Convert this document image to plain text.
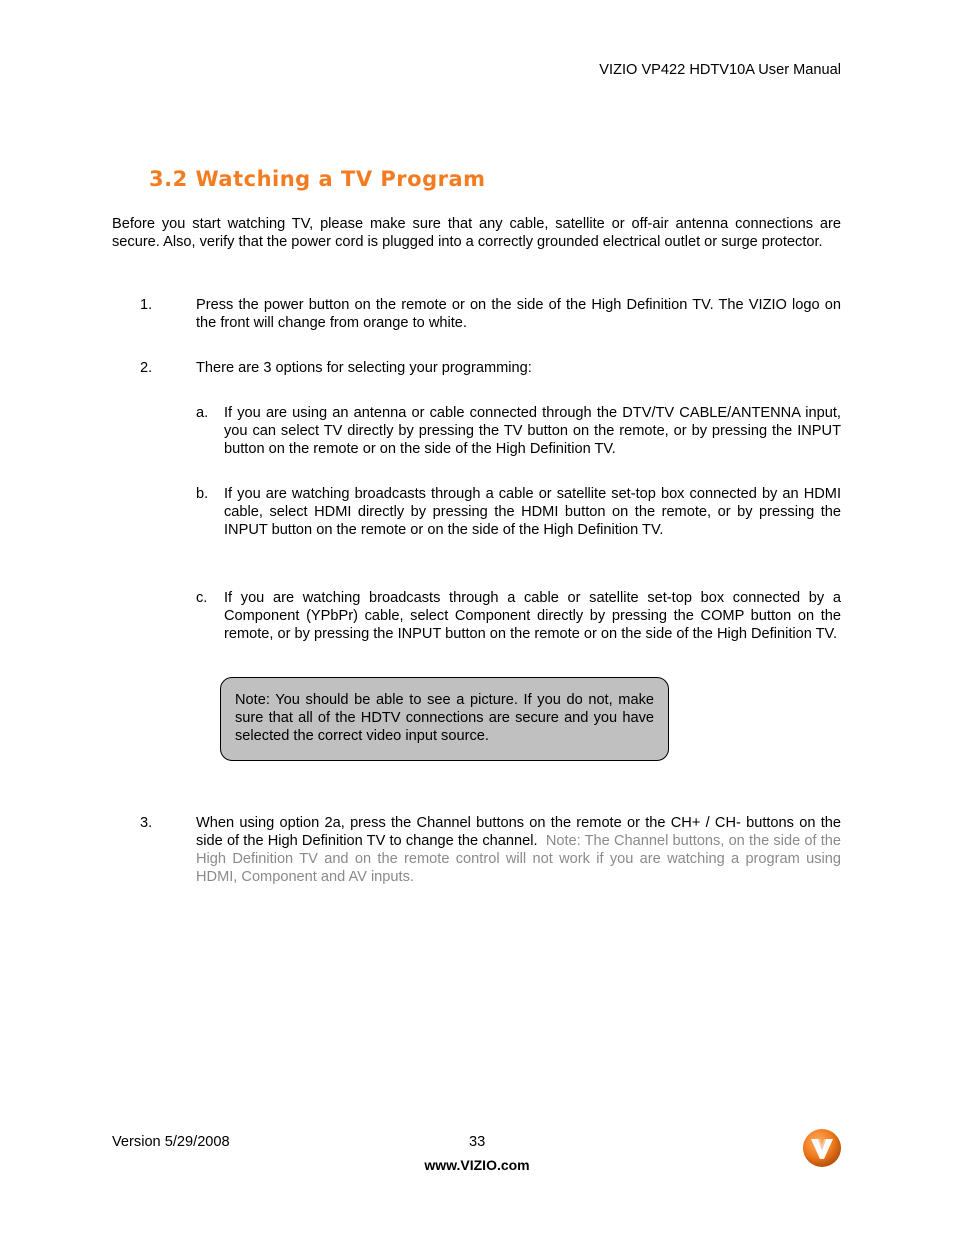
VIZIO VP422 HDTV10A User Manual
3.2 Watching a TV Program
Before you start watching TV, please make sure that any cable, satellite or off-air antenna connections are secure. Also, verify that the power cord is plugged into a correctly grounded electrical outlet or surge protector.
1.	Press the power button on the remote or on the side of the High Definition TV. The VIZIO logo on the front will change from orange to white.
2.	There are 3 options for selecting your programming:
a. If you are using an antenna or cable connected through the DTV/TV CABLE/ANTENNA input, you can select TV directly by pressing the TV button on the remote, or by pressing the INPUT button on the remote or on the side of the High Definition TV.
b. If you are watching broadcasts through a cable or satellite set-top box connected by an HDMI cable, select HDMI directly by pressing the HDMI button on the remote, or by pressing the INPUT button on the remote or on the side of the High Definition TV.
c. If you are watching broadcasts through a cable or satellite set-top box connected by a Component (YPbPr) cable, select Component directly by pressing the COMP button on the remote, or by pressing the INPUT button on the remote or on the side of the High Definition TV.
Note: You should be able to see a picture. If you do not, make sure that all of the HDTV connections are secure and you have selected the correct video input source.
3.	When using option 2a, press the Channel buttons on the remote or the CH+ / CH- buttons on the side of the High Definition TV to change the channel. Note: The Channel buttons, on the side of the High Definition TV and on the remote control will not work if you are watching a program using HDMI, Component and AV inputs.
Version 5/29/2008	33
www.VIZIO.com
